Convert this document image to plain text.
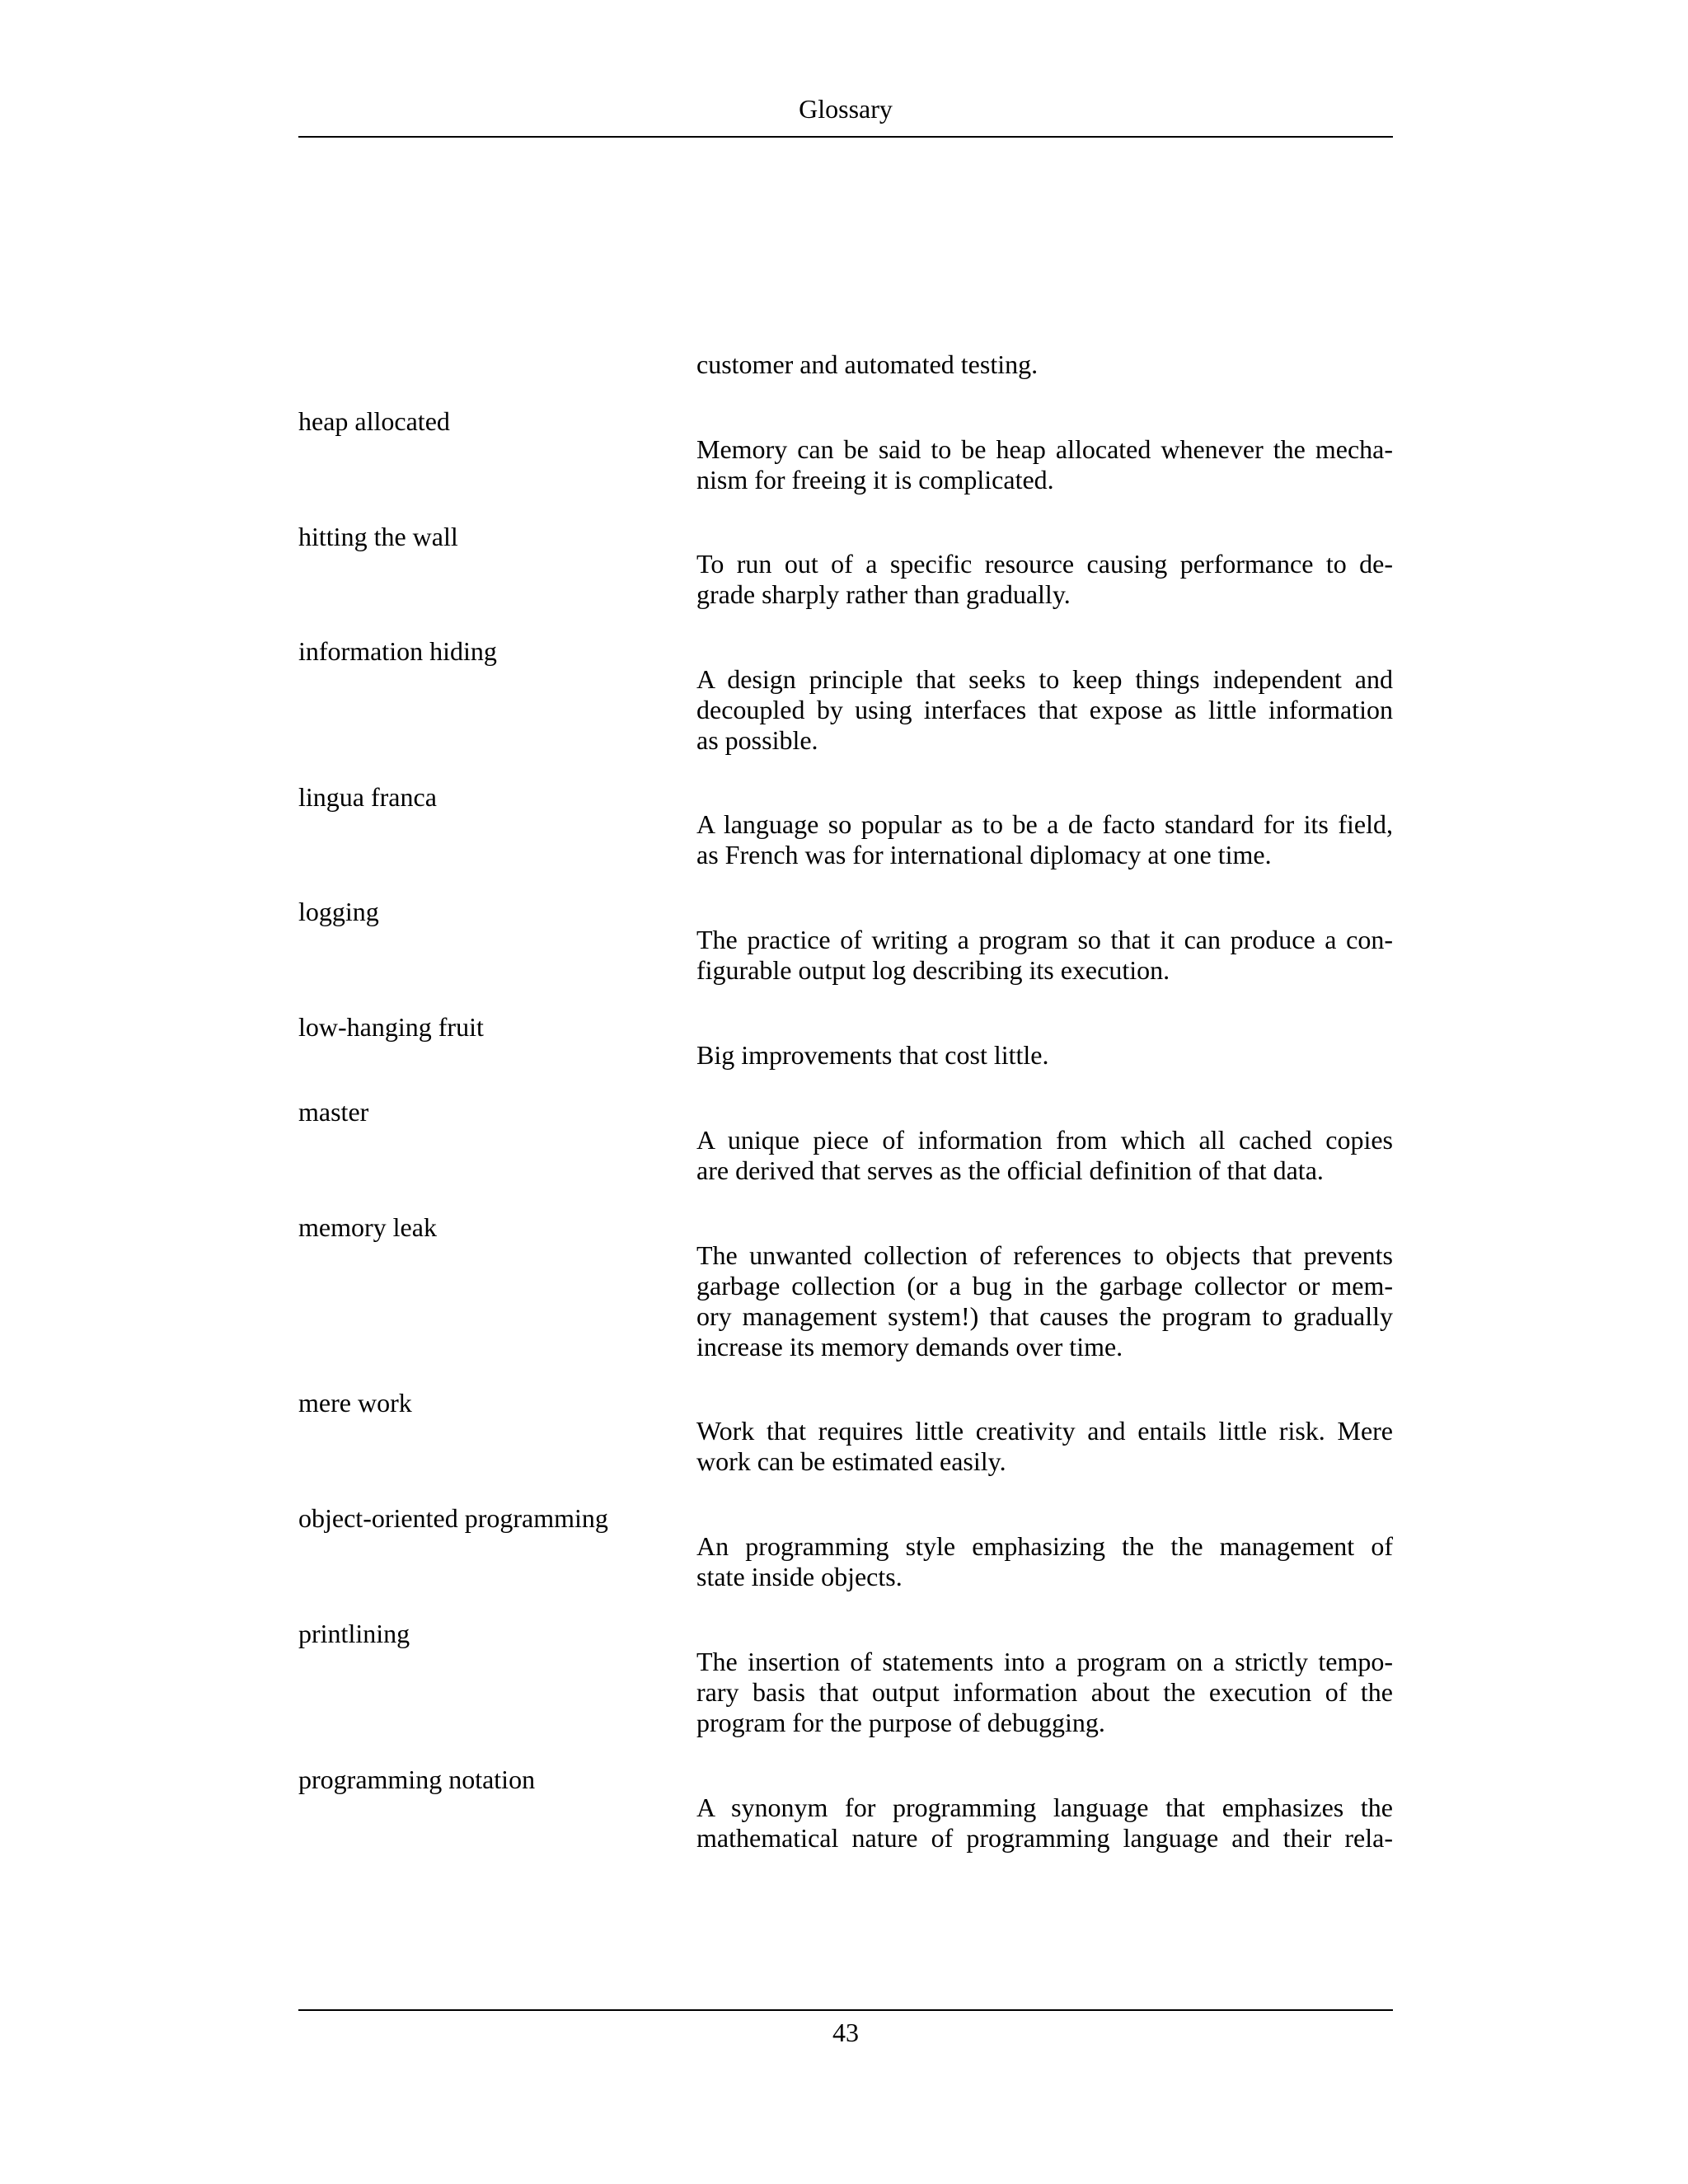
Glossary
customer and automated testing.
heap allocated
Memory can be said to be heap allocated whenever the mecha-
nism for freeing it is complicated.
hitting the wall
To run out of a specific resource causing performance to de-
grade sharply rather than gradually.
information hiding
A design principle that seeks to keep things independent and
decoupled by using interfaces that expose as little information
as possible.
lingua franca
A language so popular as to be a de facto standard for its field,
as French was for international diplomacy at one time.
logging
The practice of writing a program so that it can produce a con-
figurable output log describing its execution.
low-hanging fruit
Big improvements that cost little.
master
A unique piece of information from which all cached copies
are derived that serves as the official definition of that data.
memory leak
The unwanted collection of references to objects that prevents
garbage collection (or a bug in the garbage collector or mem-
ory management system!) that causes the program to gradually
increase its memory demands over time.
mere work
Work that requires little creativity and entails little risk. Mere
work can be estimated easily.
object-oriented programming
An programming style emphasizing the the management of
state inside objects.
printlining
The insertion of statements into a program on a strictly tempo-
rary basis that output information about the execution of the
program for the purpose of debugging.
programming notation
A synonym for programming language that emphasizes the
mathematical nature of programming language and their rela-
43
